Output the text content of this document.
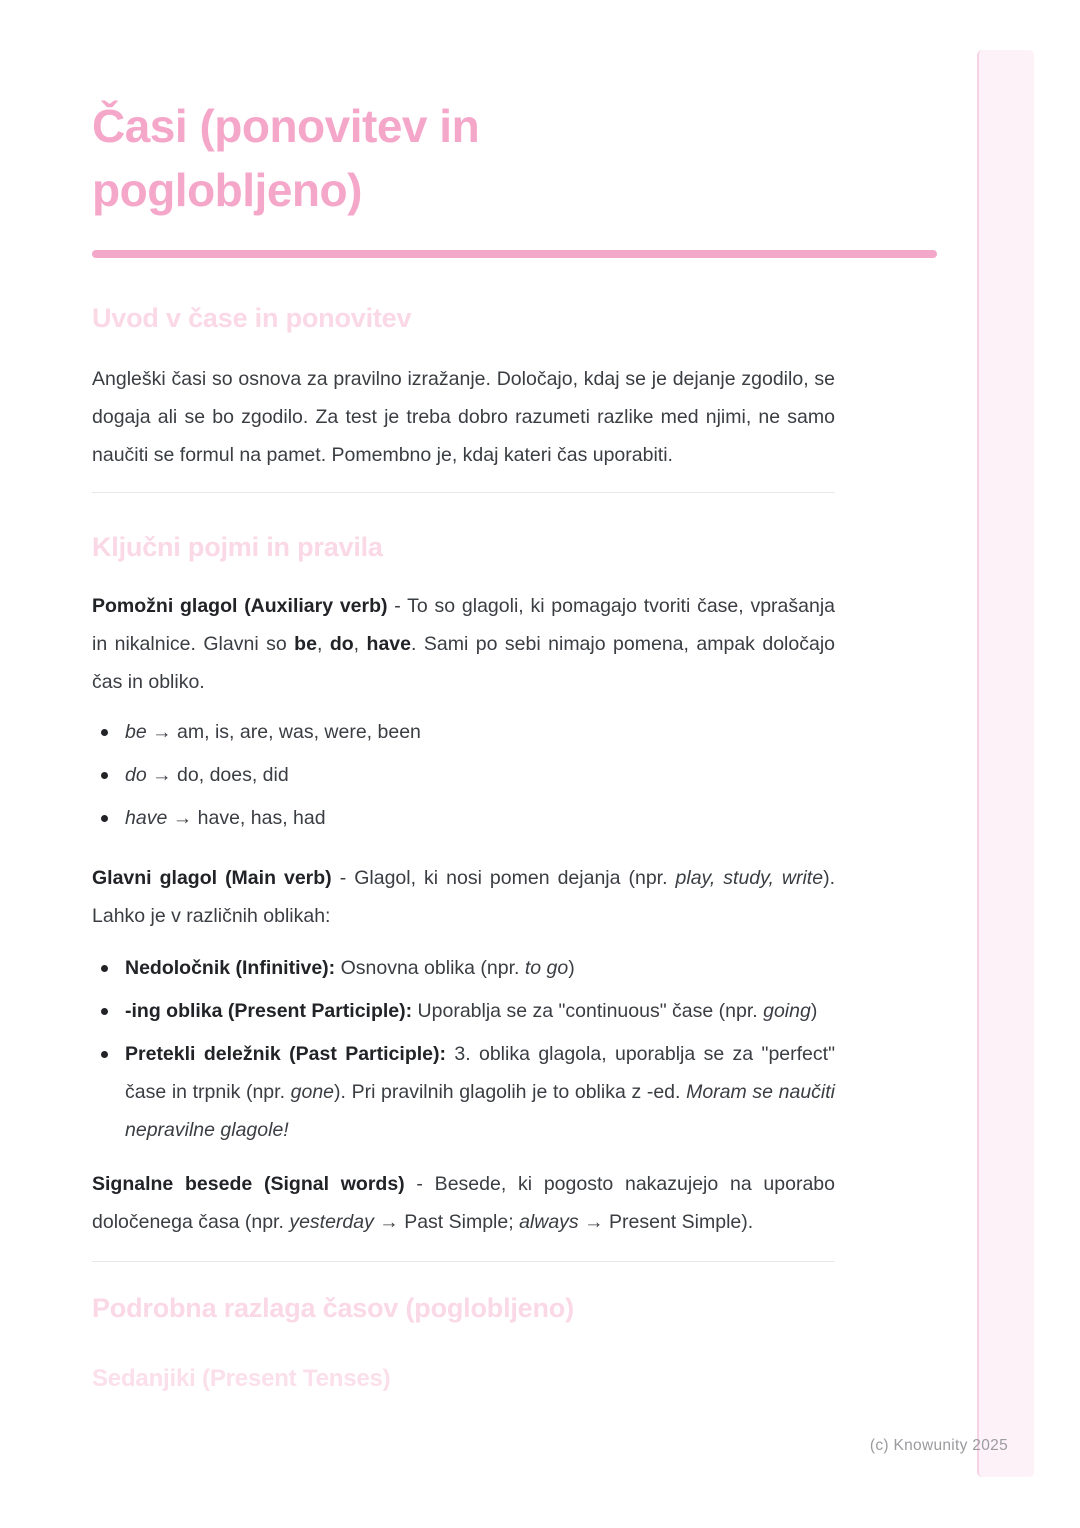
(c) Knowunity 2025
Časi (ponovitev in
poglobljeno)
Uvod v čase in ponovitev

Angleški časi so osnova za pravilno izražanje. Določajo, kdaj se je dejanje zgodilo, se dogaja ali se bo zgodilo. Za test je treba dobro razumeti razlike med njimi, ne samo naučiti se formul na pamet. Pomembno je, kdaj kateri čas uporabiti.

Ključni pojmi in pravila

Pomožni glagol (Auxiliary verb) - To so glagoli, ki pomagajo tvoriti čase, vprašanja in nikalnice. Glavni so be, do, have. Sami po sebi nimajo pomena, ampak določajo čas in obliko.

be → am, is, are, was, were, been
do → do, does, did
have → have, has, had

Glavni glagol (Main verb) - Glagol, ki nosi pomen dejanja (npr. play, study, write). Lahko je v različnih oblikah:

Nedoločnik (Infinitive): Osnovna oblika (npr. to go)
-ing oblika (Present Participle): Uporablja se za "continuous" čase (npr. going)
Pretekli deležnik (Past Participle): 3. oblika glagola, uporablja se za "perfect" čase in trpnik (npr. gone). Pri pravilnih glagolih je to oblika z -ed. Moram se naučiti nepravilne glagole!

Signalne besede (Signal words) - Besede, ki pogosto nakazujejo na uporabo določenega časa (npr. yesterday → Past Simple; always → Present Simple).

Podrobna razlaga časov (poglobljeno)
Sedanjiki (Present Tenses)
